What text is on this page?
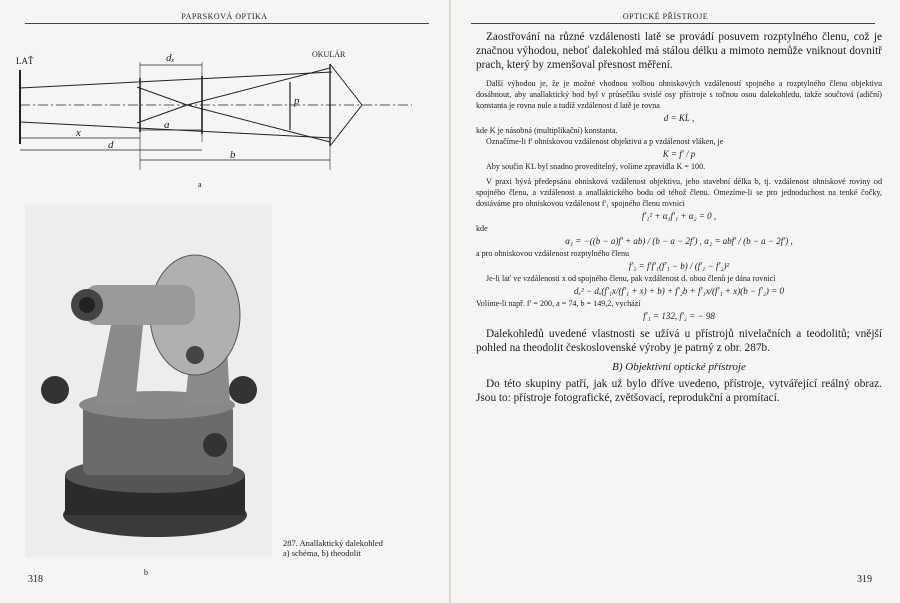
PAPRSKOVÁ OPTIKA
LAŤ
OKULÁR
dₓ
p
a
x
d
b
a
287. Anallaktický dalekohled
a) schéma, b) theodolit
b
318
OPTICKÉ PŘÍSTROJE

Zaostřování na různé vzdálenosti latě se provádí posuvem rozptylného členu, což je značnou výhodou, neboť dalekohled má stálou délku a mimoto nemůže vniknout dovnitř prach, který by zmenšoval přesnost měření.

Další výhodou je, že je možné vhodnou volbou ohniskových vzdáleností spojného a rozptylného členu objektivu dosáhnout, aby anallaktický bod byl v průsečíku svislé osy přístroje s točnou osou dalekohledu, takže součtová (adiční) konstanta je rovna nule a tudíž vzdálenost d latě je rovna

d = KL ,

kde K je násobná (multiplikační) konstanta.

Označíme-li f′ ohniskovou vzdálenost objektivu a p vzdálenost vláken, je

K = f′ / p

Aby součin KL byl snadno proveditelný, volíme zpravidla K = 100.

V praxi bývá předepsána ohnisková vzdálenost objektivu, jeho stavební délka b, tj. vzdálenost ohniskové roviny od spojného členu, a vzdálenost a anallaktického bodu od téhož členu. Omezíme-li se pro jednoduchost na tenké čočky, dostáváme pro ohniskovou vzdálenost f′₁ spojného členu rovnici

f′₁² + α₁f′₁ + α₂ = 0 ,

kde

α₁ = −((b − a)f′ + ab) / (b − a − 2f′) , α₂ = abf′ / (b − a − 2f′) ,

a pro ohniskovou vzdálenost rozptylného členu

f′₂ = f′f′₁(f′₁ − b) / (f′₁ − f′₂)²

Je-li lať ve vzdálenosti x od spojného členu, pak vzdálenost dₓ obou členů je dána rovnicí

dₓ² − dₓ(f′₁x/(f′₁ + x) + b) + f′₂b + f′₁x/(f′₁ + x)(b − f′₂) = 0

Volíme-li např. f′ = 200, a = 74, b = 149,2, vychází

f′₁ = 132, f′₂ = − 98

Dalekohledů uvedené vlastnosti se užívá u přístrojů nivelačních a teodolitů; vnější pohled na theodolit československé výroby je patrný z obr. 287b.

B) Objektivní optické přístroje

Do této skupiny patří, jak už bylo dříve uvedeno, přístroje, vytvářející reálný obraz. Jsou to: přístroje fotografické, zvětšovací, reprodukční a promítací.

319
